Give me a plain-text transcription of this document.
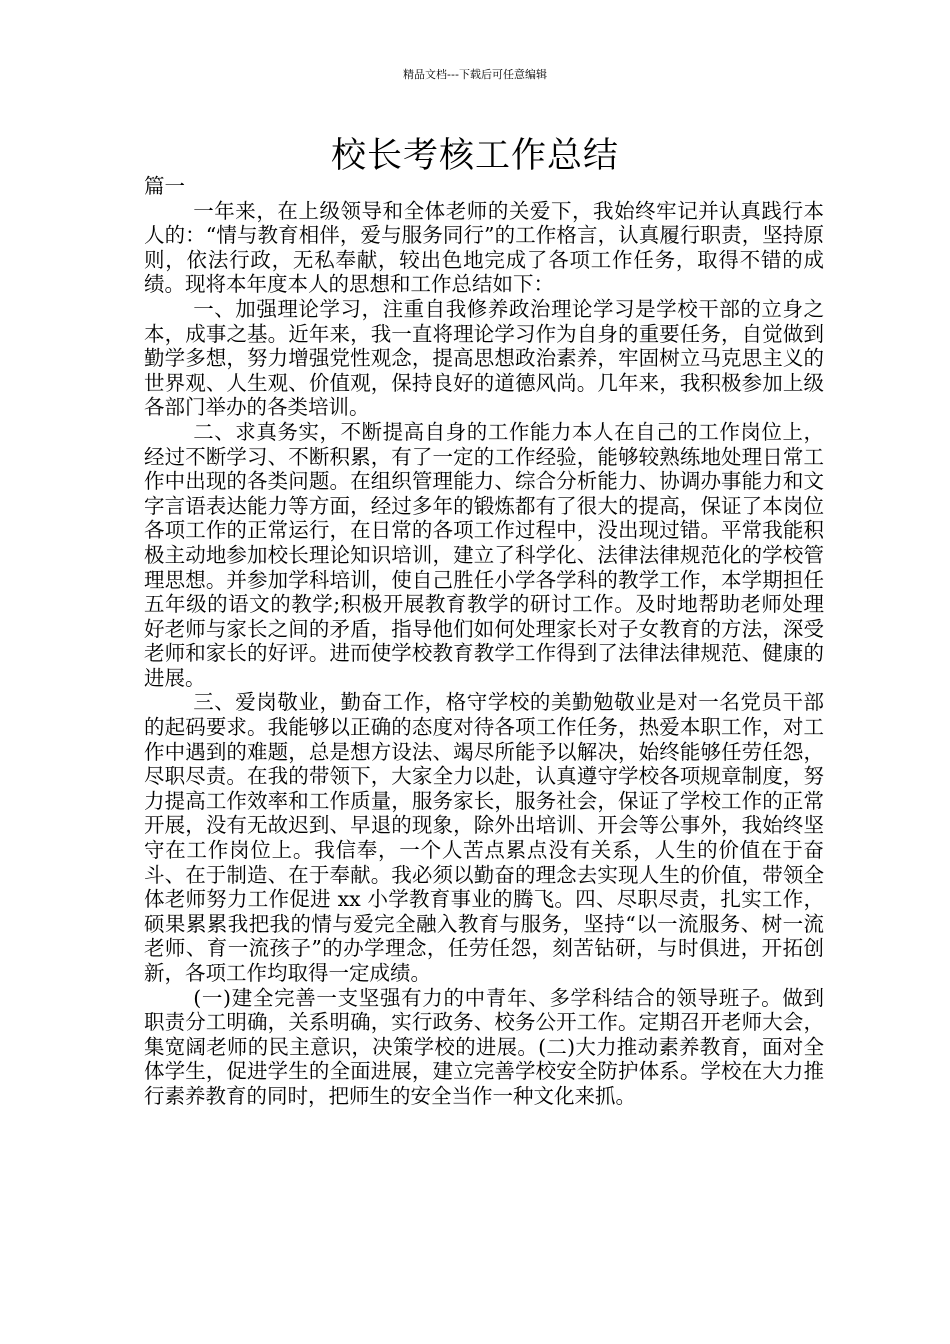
精品文档---下载后可任意编辑
校长考核工作总结

篇一

一年来，在上级领导和全体老师的关爱下，我始终牢记并认真践行本人的：“情与教育相伴，爱与服务同行”的工作格言，认真履行职责，坚持原则，依法行政，无私奉献，较出色地完成了各项工作任务，取得不错的成绩。现将本年度本人的思想和工作总结如下：

一、加强理论学习，注重自我修养政治理论学习是学校干部的立身之本，成事之基。近年来，我一直将理论学习作为自身的重要任务，自觉做到勤学多想，努力增强党性观念，提高思想政治素养，牢固树立马克思主义的世界观、人生观、价值观，保持良好的道德风尚。几年来，我积极参加上级各部门举办的各类培训。

二、求真务实，不断提高自身的工作能力本人在自己的工作岗位上，经过不断学习、不断积累，有了一定的工作经验，能够较熟练地处理日常工作中出现的各类问题。在组织管理能力、综合分析能力、协调办事能力和文字言语表达能力等方面，经过多年的锻炼都有了很大的提高，保证了本岗位各项工作的正常运行，在日常的各项工作过程中，没出现过错。平常我能积极主动地参加校长理论知识培训，建立了科学化、法律法律规范化的学校管理思想。并参加学科培训，使自己胜任小学各学科的教学工作，本学期担任五年级的语文的教学;积极开展教育教学的研讨工作。及时地帮助老师处理好老师与家长之间的矛盾，指导他们如何处理家长对子女教育的方法，深受老师和家长的好评。进而使学校教育教学工作得到了法律法律规范、健康的进展。

三、爱岗敬业，勤奋工作，格守学校的美勤勉敬业是对一名党员干部的起码要求。我能够以正确的态度对待各项工作任务，热爱本职工作，对工作中遇到的难题，总是想方设法、竭尽所能予以解决，始终能够任劳任怨，尽职尽责。在我的带领下，大家全力以赴，认真遵守学校各项规章制度，努力提高工作效率和工作质量，服务家长，服务社会，保证了学校工作的正常开展，没有无故迟到、早退的现象，除外出培训、开会等公事外，我始终坚守在工作岗位上。我信奉，一个人苦点累点没有关系，人生的价值在于奋斗、在于制造、在于奉献。我必须以勤奋的理念去实现人生的价值，带领全体老师努力工作促进 xx 小学教育事业的腾飞。四、尽职尽责，扎实工作，硕果累累我把我的情与爱完全融入教育与服务，坚持“以一流服务、树一流老师、育一流孩子”的办学理念，任劳任怨，刻苦钻研，与时俱进，开拓创新，各项工作均取得一定成绩。

(一)建全完善一支坚强有力的中青年、多学科结合的领导班子。做到职责分工明确，关系明确，实行政务、校务公开工作。定期召开老师大会，集宽阔老师的民主意识，决策学校的进展。(二)大力推动素养教育，面对全体学生，促进学生的全面进展，建立完善学校安全防护体系。学校在大力推行素养教育的同时，把师生的安全当作一种文化来抓。
